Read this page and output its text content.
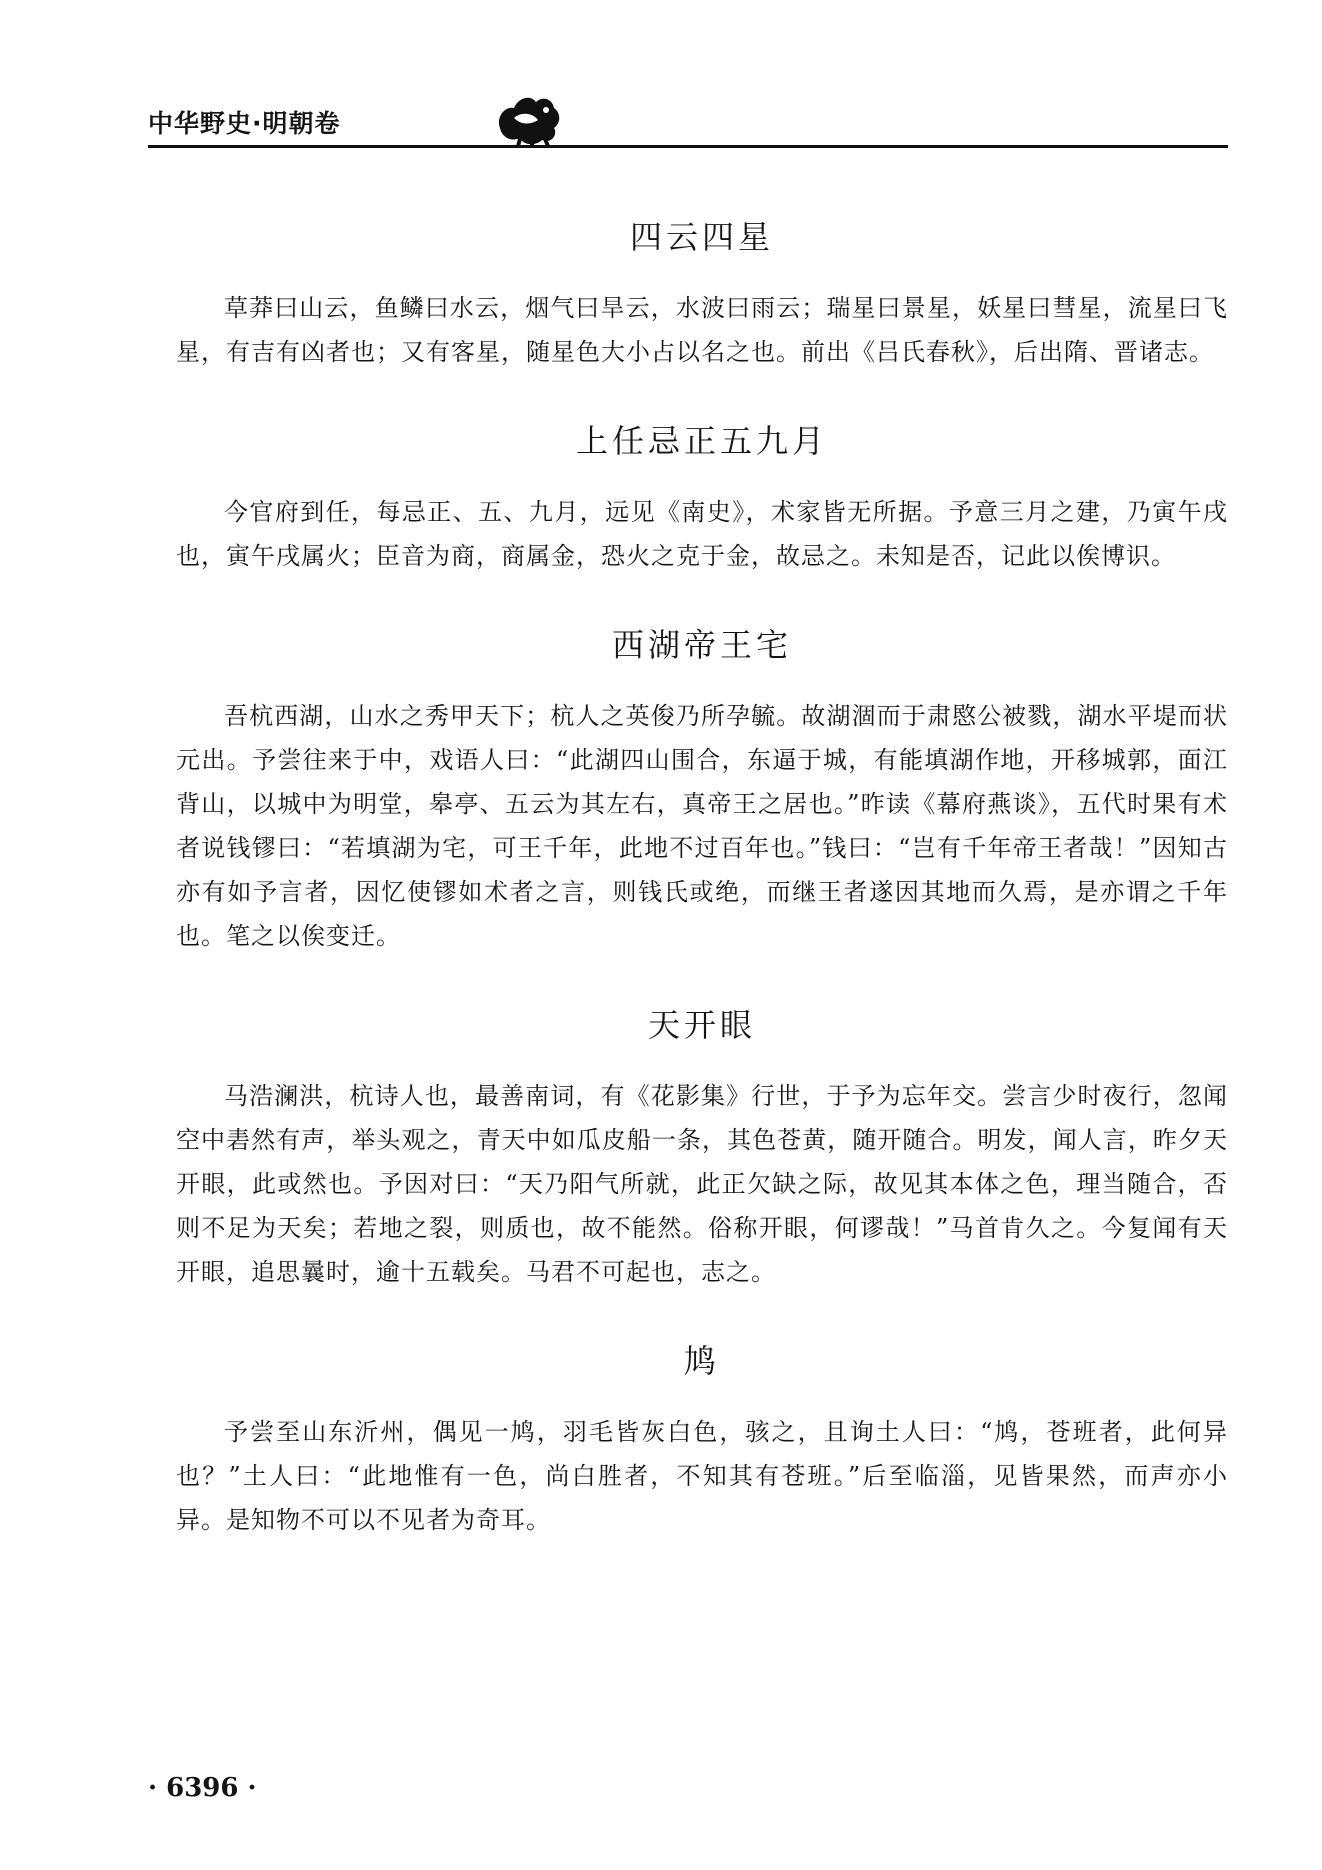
中华野史·明朝卷
四云四星

草莽曰山云，鱼鳞曰水云，烟气曰旱云，水波曰雨云；瑞星曰景星，妖星曰彗星，流星曰飞星，有吉有凶者也；又有客星，随星色大小占以名之也。前出《吕氏春秋》，后出隋、晋诸志。

上任忌正五九月

今官府到任，每忌正、五、九月，远见《南史》，术家皆无所据。予意三月之建，乃寅午戌也，寅午戌属火；臣音为商，商属金，恐火之克于金，故忌之。未知是否，记此以俟博识。

西湖帝王宅

吾杭西湖，山水之秀甲天下；杭人之英俊乃所孕毓。故湖涸而于肃愍公被戮，湖水平堤而状元出。予尝往来于中，戏语人曰：“此湖四山围合，东逼于城，有能填湖作地，开移城郭，面江背山，以城中为明堂，皋亭、五云为其左右，真帝王之居也。”昨读《幕府燕谈》，五代时果有术者说钱镠曰：“若填湖为宅，可王千年，此地不过百年也。”钱曰：“岂有千年帝王者哉！”因知古亦有如予言者，因忆使镠如术者之言，则钱氏或绝，而继王者遂因其地而久焉，是亦谓之千年也。笔之以俟变迁。

天开眼

马浩澜洪，杭诗人也，最善南词，有《花影集》行世，于予为忘年交。尝言少时夜行，忽闻空中砉然有声，举头观之，青天中如瓜皮船一条，其色苍黄，随开随合。明发，闻人言，昨夕天开眼，此或然也。予因对曰：“天乃阳气所就，此正欠缺之际，故见其本体之色，理当随合，否则不足为天矣；若地之裂，则质也，故不能然。俗称开眼，何谬哉！”马首肯久之。今复闻有天开眼，追思曩时，逾十五载矣。马君不可起也，志之。

鸠

予尝至山东沂州，偶见一鸠，羽毛皆灰白色，骇之，且询土人曰：“鸠，苍班者，此何异也？”土人曰：“此地惟有一色，尚白胜者，不知其有苍班。”后至临淄，见皆果然，而声亦小异。是知物不可以不见者为奇耳。

· 6396 ·
